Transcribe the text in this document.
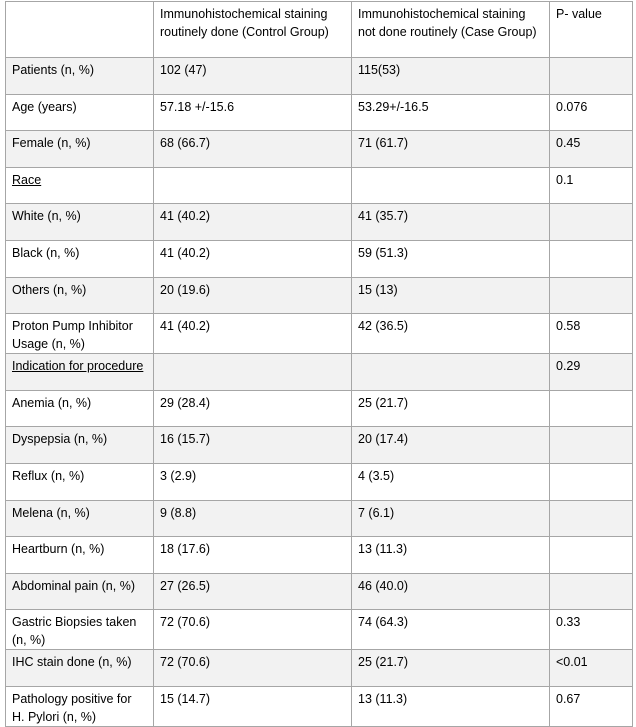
	Immunohistochemical staining routinely done (Control Group)	Immunohistochemical staining not done routinely (Case Group)	P- value
Patients (n, %)	102 (47)	115(53)	
Age (years)	57.18 +/-15.6	53.29+/-16.5	0.076
Female (n, %)	68 (66.7)	71 (61.7)	0.45
Race			0.1
White (n, %)	41 (40.2)	41 (35.7)	
Black (n, %)	41 (40.2)	59 (51.3)	
Others (n, %)	20 (19.6)	15 (13)	
Proton Pump Inhibitor Usage (n, %)	41 (40.2)	42 (36.5)	0.58
Indication for procedure			0.29
Anemia (n, %)	29 (28.4)	25 (21.7)	
Dyspepsia (n, %)	16 (15.7)	20 (17.4)	
Reflux (n, %)	3 (2.9)	4 (3.5)	
Melena (n, %)	9 (8.8)	7 (6.1)	
Heartburn (n, %)	18 (17.6)	13 (11.3)	
Abdominal pain (n, %)	27 (26.5)	46 (40.0)	
Gastric Biopsies taken (n, %)	72 (70.6)	74 (64.3)	0.33
IHC stain done (n, %)	72 (70.6)	25 (21.7)	<0.01
Pathology positive for H. Pylori (n, %)	15 (14.7)	13 (11.3)	0.67
